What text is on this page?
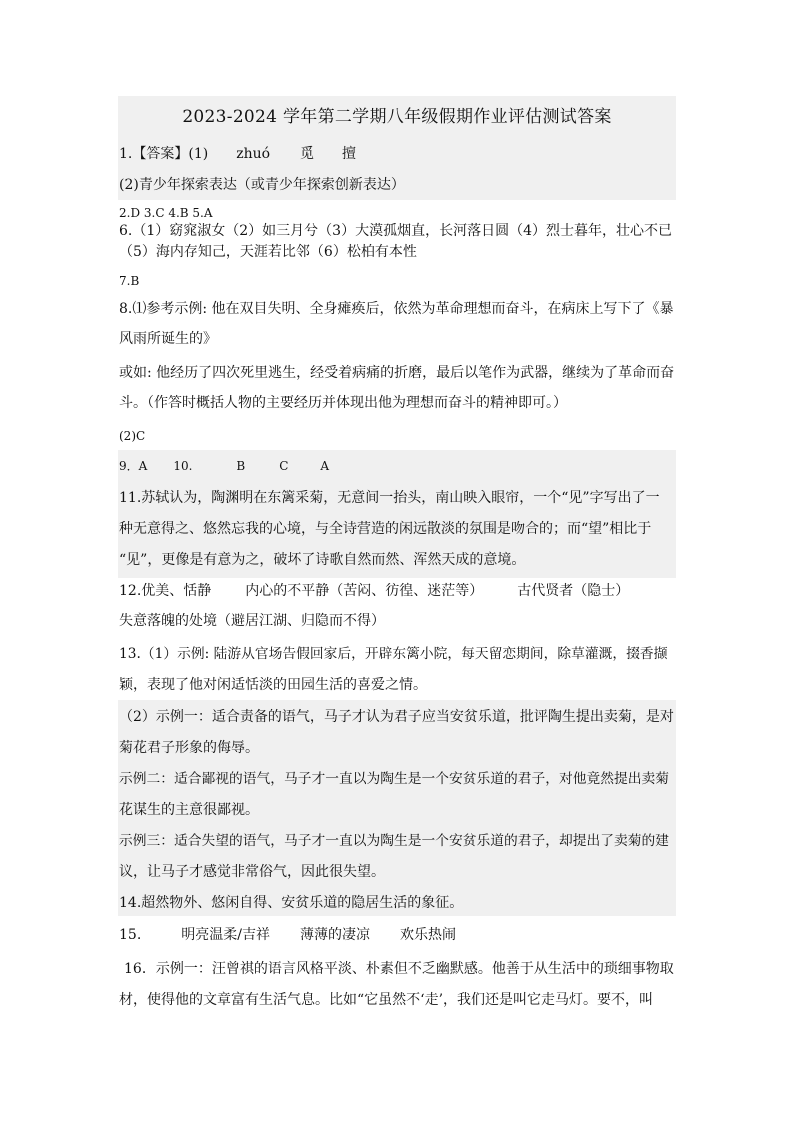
2023-2024 学年第二学期八年级假期作业评估测试答案
1.【答案】(1) zhuó 觅 擅
(2)青少年探索表达（或青少年探索创新表达）
2.D 3.C 4.B 5.A
6.（1）窈窕淑女（2）如三月兮（3）大漠孤烟直，长河落日圆（4）烈士暮年，壮心不已
（5）海内存知己，天涯若比邻（6）松柏有本性
7.B
8.⑴参考示例: 他在双目失明、全身瘫痪后，依然为革命理想而奋斗，在病床上写下了《暴
风雨所诞生的》
或如: 他经历了四次死里逃生，经受着病痛的折磨，最后以笔作为武器，继续为了革命而奋
斗。（作答时概括人物的主要经历并体现出他为理想而奋斗的精神即可。）
(2)C
9．A 10.	B	C	A
11.苏轼认为，陶渊明在东篱采菊，无意间一抬头，南山映入眼帘，一个“见”字写出了一
种无意得之、悠然忘我的心境，与全诗营造的闲远散淡的氛围是吻合的；而“望”相比于
“见”，更像是有意为之，破坏了诗歌自然而然、浑然天成的意境。
12.优美、恬静 内心的不平静（苦闷、彷徨、迷茫等） 古代贤者（隐士）
失意落魄的处境（避居江湖、归隐而不得）
13.（1）示例: 陆游从官场告假回家后，开辟东篱小院，每天留恋期间，除草灌溉，掇香撷
颖，表现了他对闲适恬淡的田园生活的喜爱之情。
（2）示例一：适合责备的语气，马子才认为君子应当安贫乐道，批评陶生提出卖菊，是对
菊花君子形象的侮辱。
示例二：适合鄙视的语气，马子才一直以为陶生是一个安贫乐道的君子，对他竟然提出卖菊
花谋生的主意很鄙视。
示例三：适合失望的语气，马子才一直以为陶生是一个安贫乐道的君子，却提出了卖菊的建
议，让马子才感觉非常俗气，因此很失望。
14.超然物外、悠闲自得、安贫乐道的隐居生活的象征。
15.	明亮温柔/吉祥 薄薄的凄凉 欢乐热闹
16．示例一：汪曾祺的语言风格平淡、朴素但不乏幽默感。他善于从生活中的琐细事物取
材，使得他的文章富有生活气息。比如“它虽然不‘走’，我们还是叫它走马灯。要不，叫
